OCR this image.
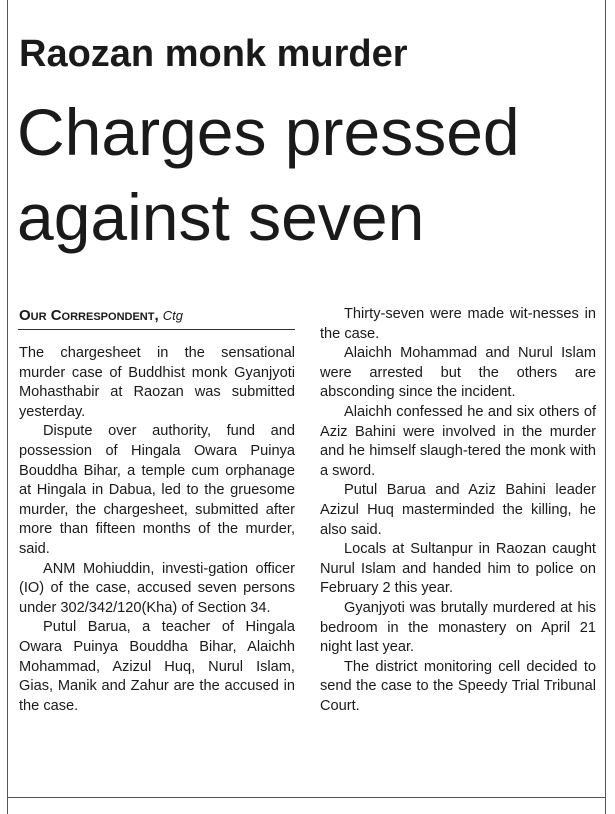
Raozan monk murder
Charges pressed
against seven
Our Correspondent, Ctg

The chargesheet in the sensational murder case of Buddhist monk Gyanjyoti Mohasthabir at Raozan was submitted yesterday.

Dispute over authority, fund and possession of Hingala Owara Puinya Bouddha Bihar, a temple cum orphanage at Hingala in Dabua, led to the gruesome murder, the chargesheet, submitted after more than fifteen months of the murder, said.

ANM Mohiuddin, investi-gation officer (IO) of the case, accused seven persons under 302/342/120(Kha) of Section 34.

Putul Barua, a teacher of Hingala Owara Puinya Bouddha Bihar, Alaichh Mohammad, Azizul Huq, Nurul Islam, Gias, Manik and Zahur are the accused in the case.

Thirty-seven were made wit-nesses in the case.

Alaichh Mohammad and Nurul Islam were arrested but the others are absconding since the incident.

Alaichh confessed he and six others of Aziz Bahini were involved in the murder and he himself slaugh-tered the monk with a sword.

Putul Barua and Aziz Bahini leader Azizul Huq masterminded the killing, he also said.

Locals at Sultanpur in Raozan caught Nurul Islam and handed him to police on February 2 this year.

Gyanjyoti was brutally murdered at his bedroom in the monastery on April 21 night last year.

The district monitoring cell decided to send the case to the Speedy Trial Tribunal Court.
